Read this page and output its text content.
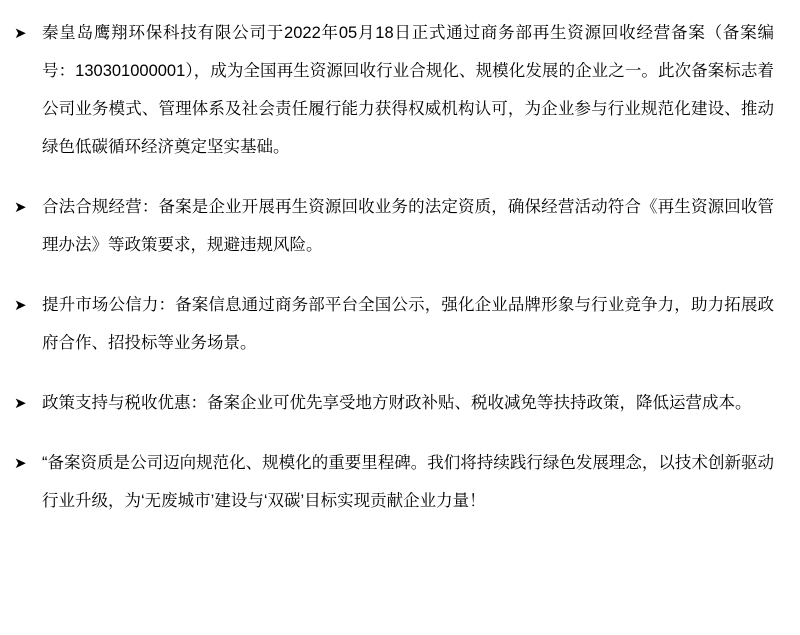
➤ 秦皇岛鹰翔环保科技有限公司于2022年05月18日正式通过商务部再生资源回收经营备案（备案编号：130301000001），成为全国再生资源回收行业合规化、规模化发展的企业之一。此次备案标志着公司业务模式、管理体系及社会责任履行能力获得权威机构认可，为企业参与行业规范化建设、推动绿色低碳循环经济奠定坚实基础。
➤ 合法合规经营：备案是企业开展再生资源回收业务的法定资质，确保经营活动符合《再生资源回收管理办法》等政策要求，规避违规风险。
➤ 提升市场公信力：备案信息通过商务部平台全国公示，强化企业品牌形象与行业竞争力，助力拓展政府合作、招投标等业务场景。
➤ 政策支持与税收优惠：备案企业可优先享受地方财政补贴、税收减免等扶持政策，降低运营成本。
➤ “备案资质是公司迈向规范化、规模化的重要里程碑。我们将持续践行绿色发展理念，以技术创新驱动行业升级，为‘无废城市’建设与‘双碳’目标实现贡献企业力量！
